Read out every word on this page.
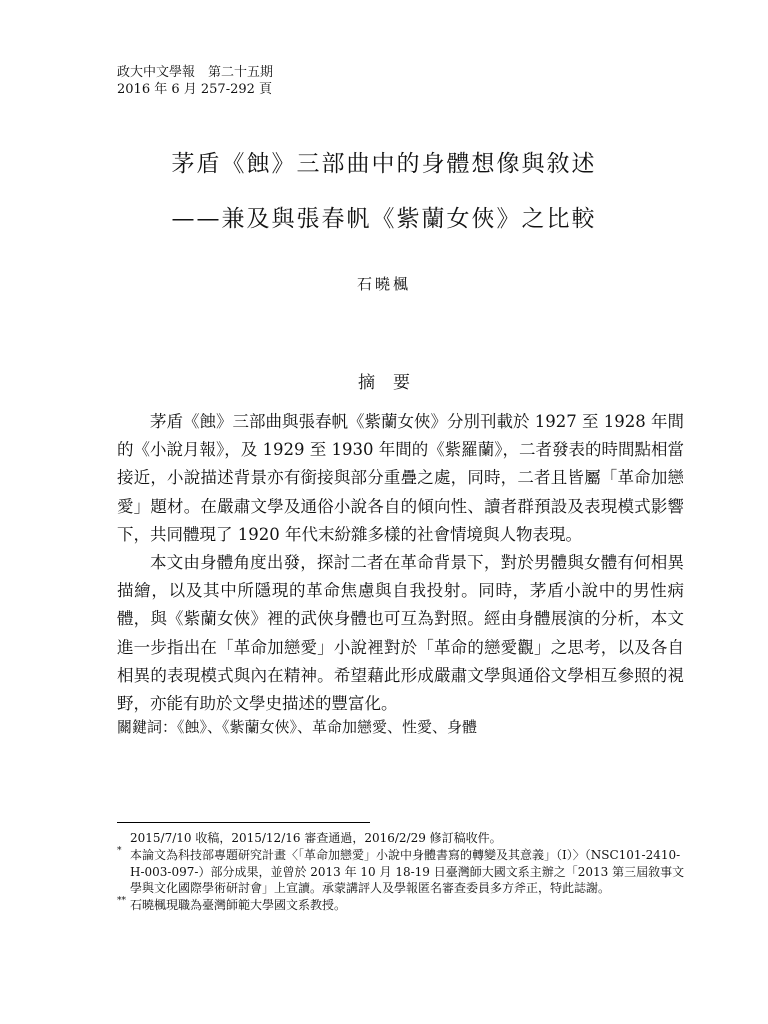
政大中文學報　第二十五期
2016 年 6 月 257-292 頁
茅盾《蝕》三部曲中的身體想像與敘述
——兼及與張春帆《紫蘭女俠》之比較
石曉楓
摘要

茅盾《蝕》三部曲與張春帆《紫蘭女俠》分別刊載於 1927 至 1928 年間的《小說月報》，及 1929 至 1930 年間的《紫羅蘭》，二者發表的時間點相當接近，小說描述背景亦有銜接與部分重疊之處，同時，二者且皆屬「革命加戀愛」題材。在嚴肅文學及通俗小說各自的傾向性、讀者群預設及表現模式影響下，共同體現了 1920 年代末紛雜多樣的社會情境與人物表現。

本文由身體角度出發，探討二者在革命背景下，對於男體與女體有何相異描繪，以及其中所隱現的革命焦慮與自我投射。同時，茅盾小說中的男性病體，與《紫蘭女俠》裡的武俠身體也可互為對照。經由身體展演的分析，本文進一步指出在「革命加戀愛」小說裡對於「革命的戀愛觀」之思考，以及各自相異的表現模式與內在精神。希望藉此形成嚴肅文學與通俗文學相互參照的視野，亦能有助於文學史描述的豐富化。

關鍵詞：《蝕》、《紫蘭女俠》、革命加戀愛、性愛、身體
2015/7/10 收稿，2015/12/16 審查通過，2016/2/29 修訂稿收件。
* 本論文為科技部專題研究計畫〈「革命加戀愛」小說中身體書寫的轉變及其意義」（I）〉（NSC101-2410-H-003-097-）部分成果，並曾於 2013 年 10 月 18-19 日臺灣師大國文系主辦之「2013 第三屆敘事文學與文化國際學術研討會」上宣讀。承蒙講評人及學報匿名審查委員多方斧正，特此誌謝。
** 石曉楓現職為臺灣師範大學國文系教授。
